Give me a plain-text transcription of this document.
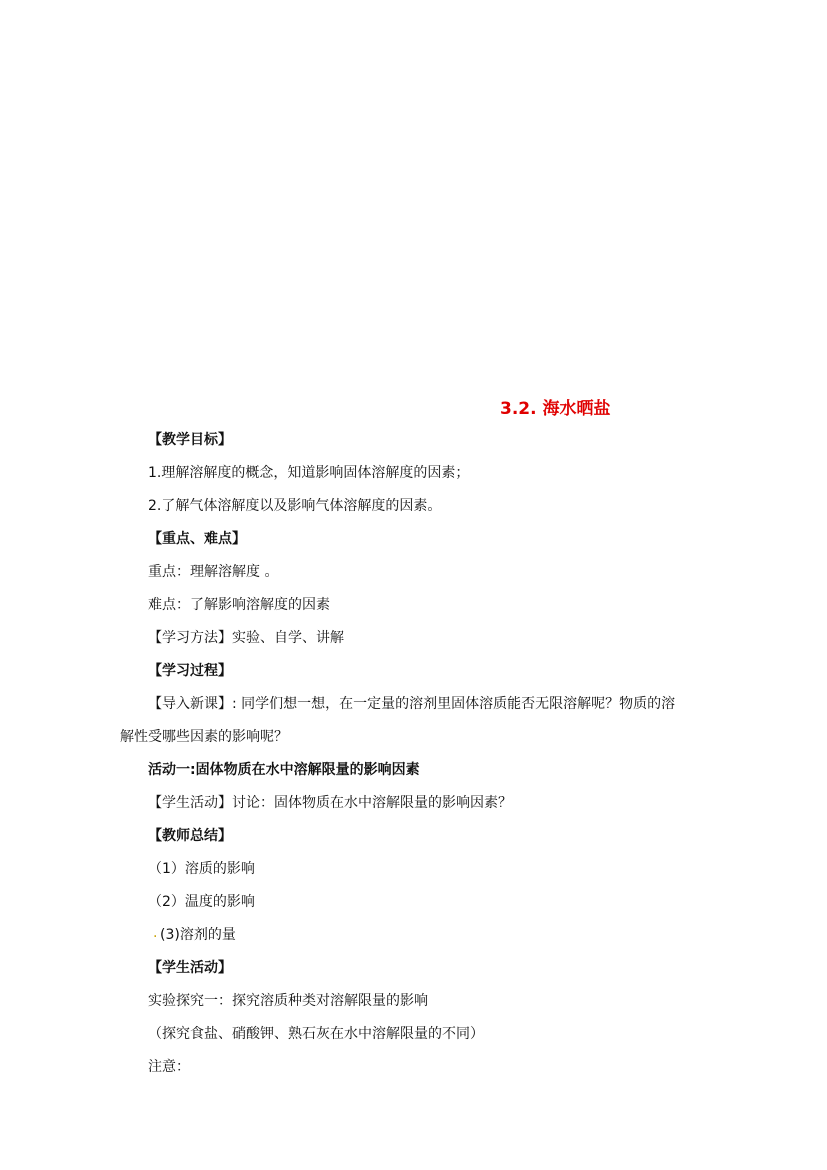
3.2. 海水晒盐
【教学目标】
1.理解溶解度的概念，知道影响固体溶解度的因素；
2.了解气体溶解度以及影响气体溶解度的因素。
【重点、难点】
重点：理解溶解度 。
难点：了解影响溶解度的因素
【学习方法】实验、自学、讲解
【学习过程】
【导入新课】: 同学们想一想，在一定量的溶剂里固体溶质能否无限溶解呢？物质的溶
解性受哪些因素的影响呢？
活动一:固体物质在水中溶解限量的影响因素
【学生活动】讨论：固体物质在水中溶解限量的影响因素？
【教师总结】
（1）溶质的影响
（2）温度的影响
. (3)溶剂的量
【学生活动】
实验探究一：探究溶质种类对溶解限量的影响
（探究食盐、硝酸钾、熟石灰在水中溶解限量的不同）
注意：
